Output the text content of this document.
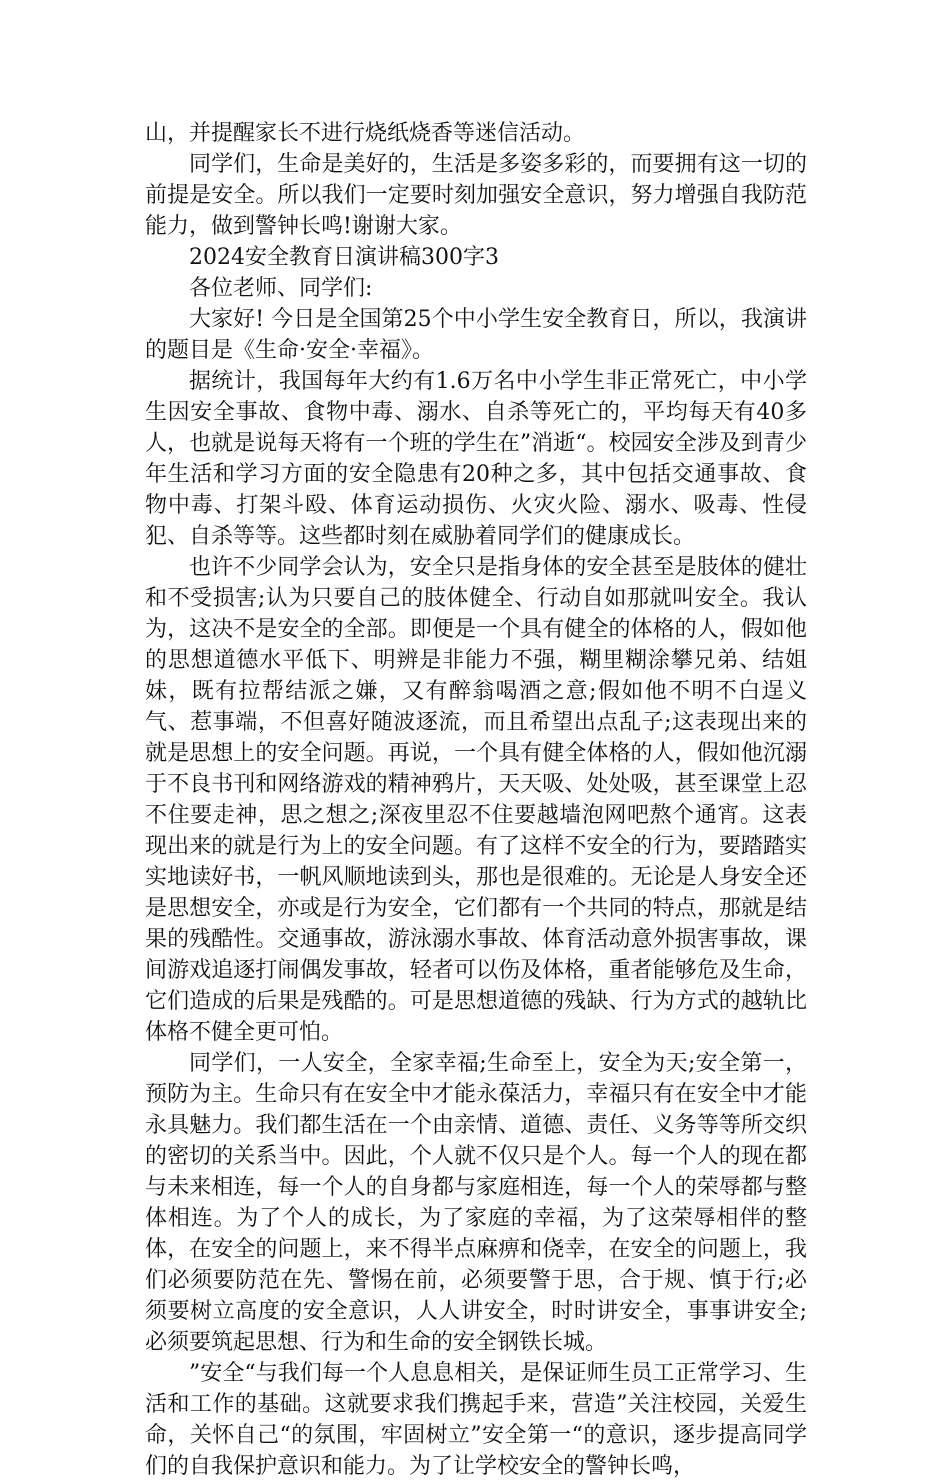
山，并提醒家长不进行烧纸烧香等迷信活动。

同学们，生命是美好的，生活是多姿多彩的，而要拥有这一切的前提是安全。所以我们一定要时刻加强安全意识，努力增强自我防范能力，做到警钟长鸣!谢谢大家。

2024安全教育日演讲稿300字3

各位老师、同学们:

大家好! 今日是全国第25个中小学生安全教育日，所以，我演讲的题目是《生命·安全·幸福》。

据统计，我国每年大约有1.6万名中小学生非正常死亡，中小学生因安全事故、食物中毒、溺水、自杀等死亡的，平均每天有40多人，也就是说每天将有一个班的学生在”消逝“。校园安全涉及到青少年生活和学习方面的安全隐患有20种之多，其中包括交通事故、食物中毒、打架斗殴、体育运动损伤、火灾火险、溺水、吸毒、性侵犯、自杀等等。这些都时刻在威胁着同学们的健康成长。

也许不少同学会认为，安全只是指身体的安全甚至是肢体的健壮和不受损害;认为只要自己的肢体健全、行动自如那就叫安全。我认为，这决不是安全的全部。即便是一个具有健全的体格的人，假如他的思想道德水平低下、明辨是非能力不强，糊里糊涂攀兄弟、结姐妹，既有拉帮结派之嫌，又有醉翁喝酒之意;假如他不明不白逞义气、惹事端，不但喜好随波逐流，而且希望出点乱子;这表现出来的就是思想上的安全问题。再说，一个具有健全体格的人，假如他沉溺于不良书刊和网络游戏的精神鸦片，天天吸、处处吸，甚至课堂上忍不住要走神，思之想之;深夜里忍不住要越墙泡网吧熬个通宵。这表现出来的就是行为上的安全问题。有了这样不安全的行为，要踏踏实实地读好书，一帆风顺地读到头，那也是很难的。无论是人身安全还是思想安全，亦或是行为安全，它们都有一个共同的特点，那就是结果的残酷性。交通事故，游泳溺水事故、体育活动意外损害事故，课间游戏追逐打闹偶发事故，轻者可以伤及体格，重者能够危及生命，它们造成的后果是残酷的。可是思想道德的残缺、行为方式的越轨比体格不健全更可怕。

同学们，一人安全，全家幸福;生命至上，安全为天;安全第一，预防为主。生命只有在安全中才能永葆活力，幸福只有在安全中才能永具魅力。我们都生活在一个由亲情、道德、责任、义务等等所交织的密切的关系当中。因此，个人就不仅只是个人。每一个人的现在都与未来相连，每一个人的自身都与家庭相连，每一个人的荣辱都与整体相连。为了个人的成长，为了家庭的幸福，为了这荣辱相伴的整体，在安全的问题上，来不得半点麻痹和侥幸，在安全的问题上，我们必须要防范在先、警惕在前，必须要警于思，合于规、慎于行;必须要树立高度的安全意识，人人讲安全，时时讲安全，事事讲安全;必须要筑起思想、行为和生命的安全钢铁长城。

”安全“与我们每一个人息息相关，是保证师生员工正常学习、生活和工作的基础。这就要求我们携起手来，营造”关注校园，关爱生命，关怀自己“的氛围，牢固树立”安全第一“的意识，逐步提高同学们的自我保护意识和能力。为了让学校安全的警钟长鸣，
